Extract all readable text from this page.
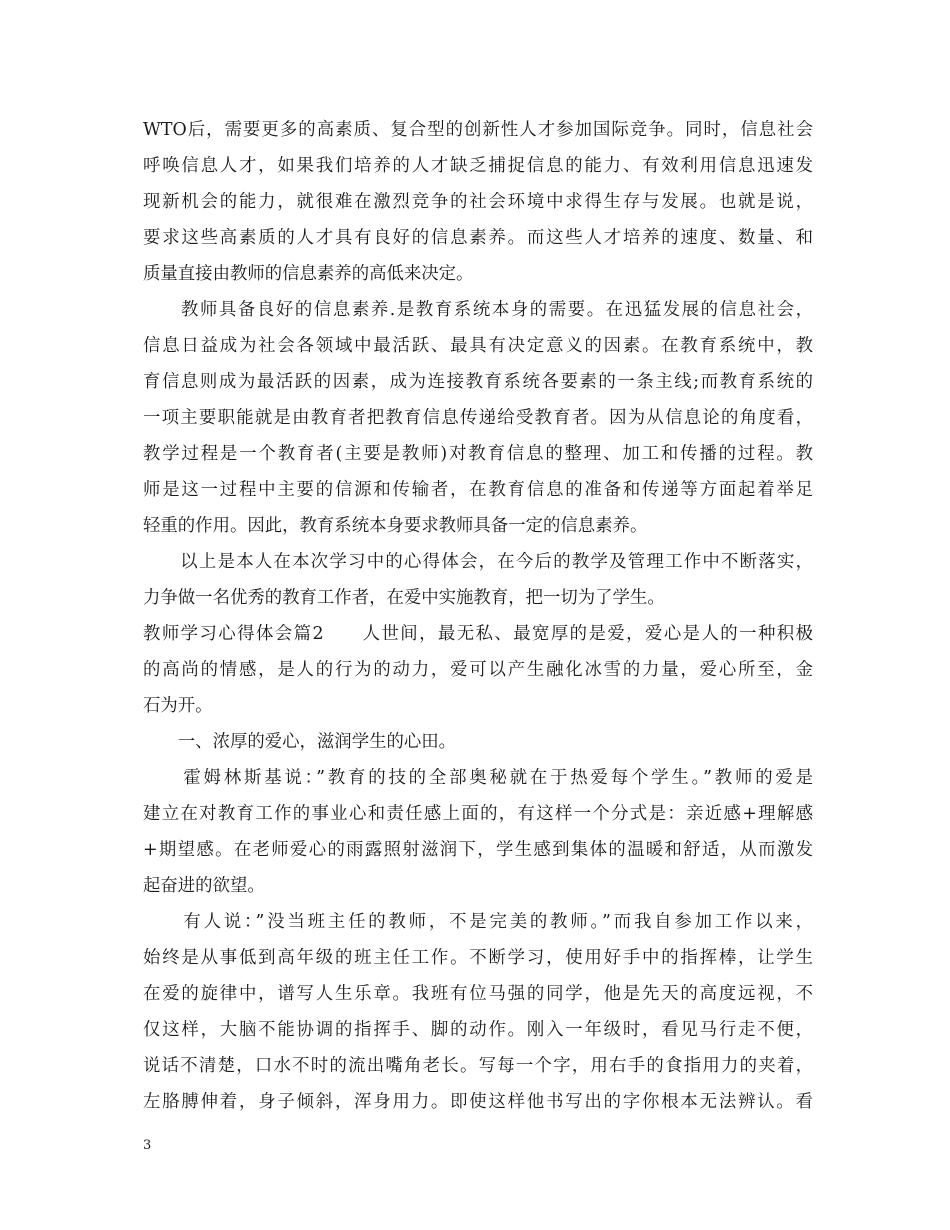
WTO后，需要更多的高素质、复合型的创新性人才参加国际竞争。同时，信息社会
呼唤信息人才，如果我们培养的人才缺乏捕捉信息的能力、有效利用信息迅速发
现新机会的能力，就很难在激烈竞争的社会环境中求得生存与发展。也就是说，
要求这些高素质的人才具有良好的信息素养。而这些人才培养的速度、数量、和
质量直接由教师的信息素养的高低来决定。
　　教师具备良好的信息素养.是教育系统本身的需要。在迅猛发展的信息社会，
信息日益成为社会各领域中最活跃、最具有决定意义的因素。在教育系统中，教
育信息则成为最活跃的因素，成为连接教育系统各要素的一条主线;而教育系统的
一项主要职能就是由教育者把教育信息传递给受教育者。因为从信息论的角度看，
教学过程是一个教育者(主要是教师)对教育信息的整理、加工和传播的过程。教
师是这一过程中主要的信源和传输者，在教育信息的准备和传递等方面起着举足
轻重的作用。因此，教育系统本身要求教师具备一定的信息素养。
　　以上是本人在本次学习中的心得体会，在今后的教学及管理工作中不断落实，
力争做一名优秀的教育工作者，在爱中实施教育，把一切为了学生。
教师学习心得体会篇2　　人世间，最无私、最宽厚的是爱，爱心是人的一种积极
的高尚的情感，是人的行为的动力，爱可以产生融化冰雪的力量，爱心所至，金
石为开。
　　一、浓厚的爱心，滋润学生的心田。
　　霍姆林斯基说：”教育的技的全部奥秘就在于热爱每个学生。”教师的爱是
建立在对教育工作的事业心和责任感上面的，有这样一个分式是：亲近感+理解感
+期望感。在老师爱心的雨露照射滋润下，学生感到集体的温暖和舒适，从而激发
起奋进的欲望。
　　有人说：”没当班主任的教师，不是完美的教师。”而我自参加工作以来，
始终是从事低到高年级的班主任工作。不断学习，使用好手中的指挥棒，让学生
在爱的旋律中，谱写人生乐章。我班有位马强的同学，他是先天的高度远视，不
仅这样，大脑不能协调的指挥手、脚的动作。刚入一年级时，看见马行走不便，
说话不清楚，口水不时的流出嘴角老长。写每一个字，用右手的食指用力的夹着，
左胳膊伸着，身子倾斜，浑身用力。即使这样他书写出的字你根本无法辨认。看
3
